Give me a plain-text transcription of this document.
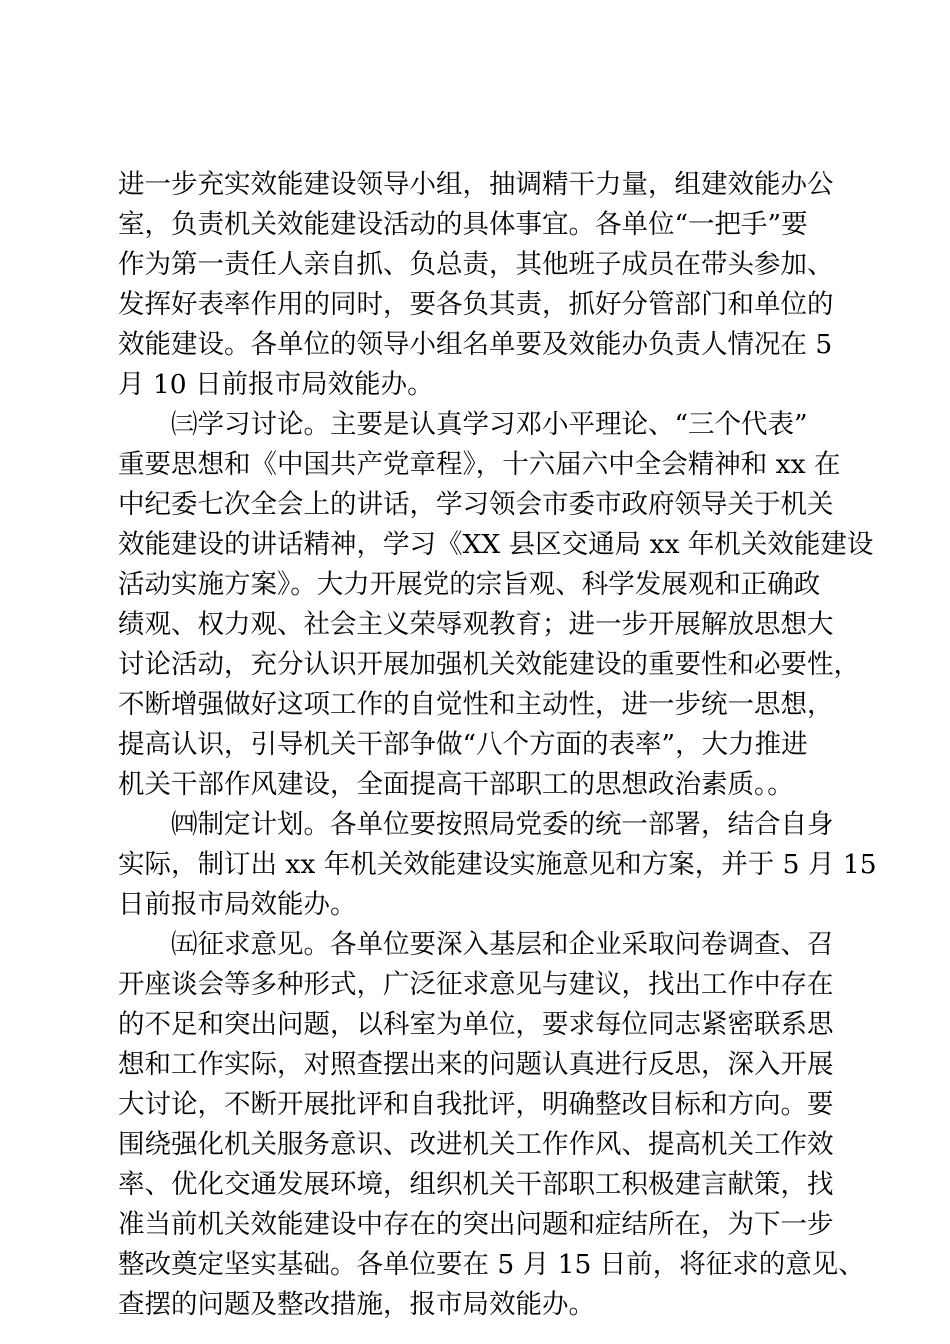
进一步充实效能建设领导小组，抽调精干力量，组建效能办公
室，负责机关效能建设活动的具体事宜。各单位“一把手”要
作为第一责任人亲自抓、负总责，其他班子成员在带头参加、
发挥好表率作用的同时，要各负其责，抓好分管部门和单位的
效能建设。各单位的领导小组名单要及效能办负责人情况在 5
月 10 日前报市局效能办。
　　㈢学习讨论。主要是认真学习邓小平理论、“三个代表”
重要思想和《中国共产党章程》，十六届六中全会精神和 xx 在
中纪委七次全会上的讲话，学习领会市委市政府领导关于机关
效能建设的讲话精神，学习《XX 县区交通局 xx 年机关效能建设
活动实施方案》。大力开展党的宗旨观、科学发展观和正确政
绩观、权力观、社会主义荣辱观教育；进一步开展解放思想大
讨论活动，充分认识开展加强机关效能建设的重要性和必要性，
不断增强做好这项工作的自觉性和主动性，进一步统一思想，
提高认识，引导机关干部争做“八个方面的表率”，大力推进
机关干部作风建设，全面提高干部职工的思想政治素质。。
　　㈣制定计划。各单位要按照局党委的统一部署，结合自身
实际，制订出 xx 年机关效能建设实施意见和方案，并于 5 月 15
日前报市局效能办。
　　㈤征求意见。各单位要深入基层和企业采取问卷调查、召
开座谈会等多种形式，广泛征求意见与建议，找出工作中存在
的不足和突出问题，以科室为单位，要求每位同志紧密联系思
想和工作实际，对照查摆出来的问题认真进行反思，深入开展
大讨论，不断开展批评和自我批评，明确整改目标和方向。要
围绕强化机关服务意识、改进机关工作作风、提高机关工作效
率、优化交通发展环境，组织机关干部职工积极建言献策，找
准当前机关效能建设中存在的突出问题和症结所在，为下一步
整改奠定坚实基础。各单位要在 5 月 15 日前，将征求的意见、
查摆的问题及整改措施，报市局效能办。
